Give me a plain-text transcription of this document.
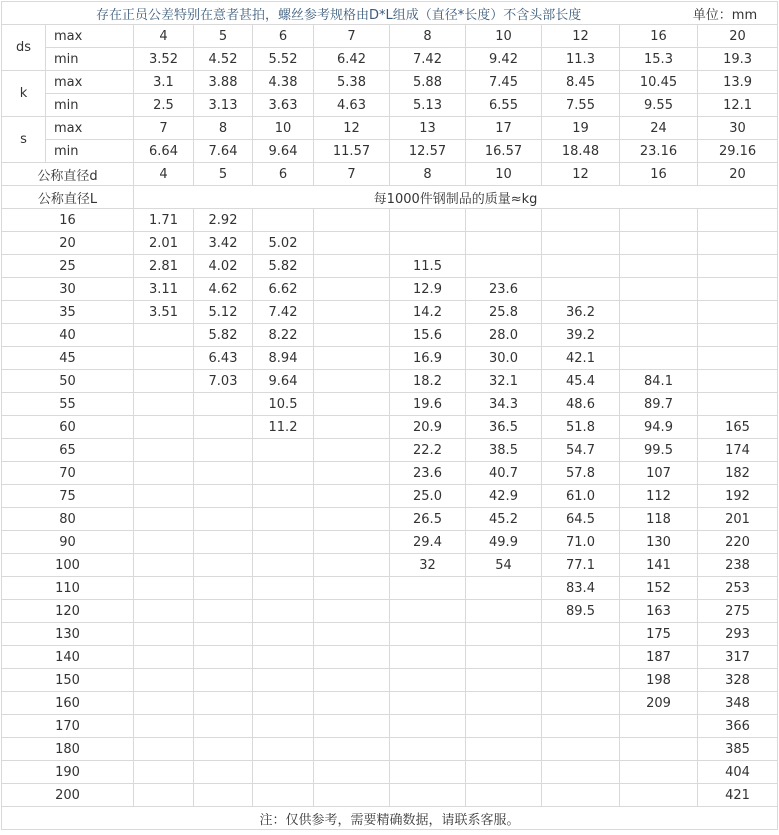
存在正员公差特别在意者甚拍，螺丝参考规格由D*L组成（直径*长度）不含头部长度 单位：mm										

ds	max	4	5	6	7	8	10	12	16	20
	min	3.52	4.52	5.52	6.42	7.42	9.42	11.3	15.3	19.3
k	max	3.1	3.88	4.38	5.38	5.88	7.45	8.45	10.45	13.9
	min	2.5	3.13	3.63	4.63	5.13	6.55	7.55	9.55	12.1
s	max	7	8	10	12	13	17	19	24	30
	min	6.64	7.64	9.64	11.57	12.57	16.57	18.48	23.16	29.16
公称直径d		4	5	6	7	8	10	12	16	20
公称直径L		每1000件钢制品的质量≈kg								
16		1.71	2.92							
20		2.01	3.42	5.02						
25		2.81	4.02	5.82		11.5				
30		3.11	4.62	6.62		12.9	23.6			
35		3.51	5.12	7.42		14.2	25.8	36.2		
40			5.82	8.22		15.6	28.0	39.2		
45			6.43	8.94		16.9	30.0	42.1		
50			7.03	9.64		18.2	32.1	45.4	84.1	
55				10.5		19.6	34.3	48.6	89.7	
60				11.2		20.9	36.5	51.8	94.9	165
65						22.2	38.5	54.7	99.5	174
70						23.6	40.7	57.8	107	182
75						25.0	42.9	61.0	112	192
80						26.5	45.2	64.5	118	201
90						29.4	49.9	71.0	130	220
100						32	54	77.1	141	238
110								83.4	152	253
120								89.5	163	275
130									175	293
140									187	317
150									198	328
160									209	348
170										366
180										385
190										404
200										421
注：仅供参考，需要精确数据，请联系客服。										
